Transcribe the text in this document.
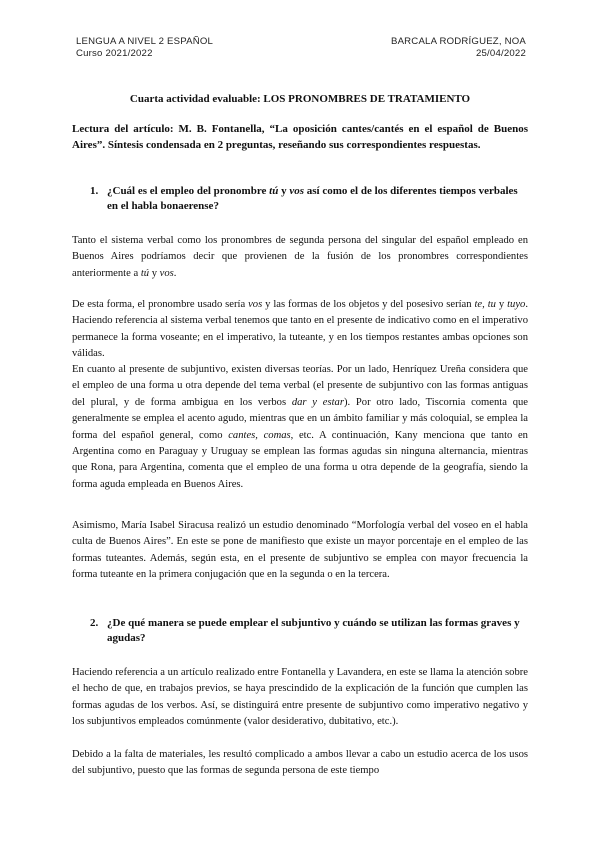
LENGUA A NIVEL 2 ESPAÑOL
Curso 2021/2022
BARCALA RODRÍGUEZ, NOA
25/04/2022
Cuarta actividad evaluable: LOS PRONOMBRES DE TRATAMIENTO
Lectura del artículo: M. B. Fontanella, “La oposición cantes/cantés en el español de Buenos Aires”. Síntesis condensada en 2 preguntas, reseñando sus correspondientes respuestas.
1. ¿Cuál es el empleo del pronombre tú y vos así como el de los diferentes tiempos verbales en el habla bonaerense?

Tanto el sistema verbal como los pronombres de segunda persona del singular del español empleado en Buenos Aires podríamos decir que provienen de la fusión de los pronombres correspondientes anteriormente a tú y vos.

De esta forma, el pronombre usado sería vos y las formas de los objetos y del posesivo serían te, tu y tuyo. Haciendo referencia al sistema verbal tenemos que tanto en el presente de indicativo como en el imperativo permanece la forma voseante; en el imperativo, la tuteante, y en los tiempos restantes ambas opciones son válidas.

En cuanto al presente de subjuntivo, existen diversas teorías. Por un lado, Henríquez Ureña considera que el empleo de una forma u otra depende del tema verbal (el presente de subjuntivo con las formas antiguas del plural, y de forma ambigua en los verbos dar y estar). Por otro lado, Tiscornia comenta que generalmente se emplea el acento agudo, mientras que en un ámbito familiar y más coloquial, se emplea la forma del español general, como cantes, comas, etc. A continuación, Kany menciona que tanto en Argentina como en Paraguay y Uruguay se emplean las formas agudas sin ninguna alternancia, mientras que Rona, para Argentina, comenta que el empleo de una forma u otra depende de la geografía, siendo la forma aguda empleada en Buenos Aires.

Asimismo, María Isabel Siracusa realizó un estudio denominado “Morfología verbal del voseo en el habla culta de Buenos Aires”. En este se pone de manifiesto que existe un mayor porcentaje en el empleo de las formas tuteantes. Además, según esta, en el presente de subjuntivo se emplea con mayor frecuencia la forma tuteante en la primera conjugación que en la segunda o en la tercera.

2. ¿De qué manera se puede emplear el subjuntivo y cuándo se utilizan las formas graves y agudas?

Haciendo referencia a un artículo realizado entre Fontanella y Lavandera, en este se llama la atención sobre el hecho de que, en trabajos previos, se haya prescindido de la explicación de la función que cumplen las formas agudas de los verbos. Así, se distinguirá entre presente de subjuntivo como imperativo negativo y los subjuntivos empleados comúnmente (valor desiderativo, dubitativo, etc.).

Debido a la falta de materiales, les resultó complicado a ambos llevar a cabo un estudio acerca de los usos del subjuntivo, puesto que las formas de segunda persona de este tiempo
